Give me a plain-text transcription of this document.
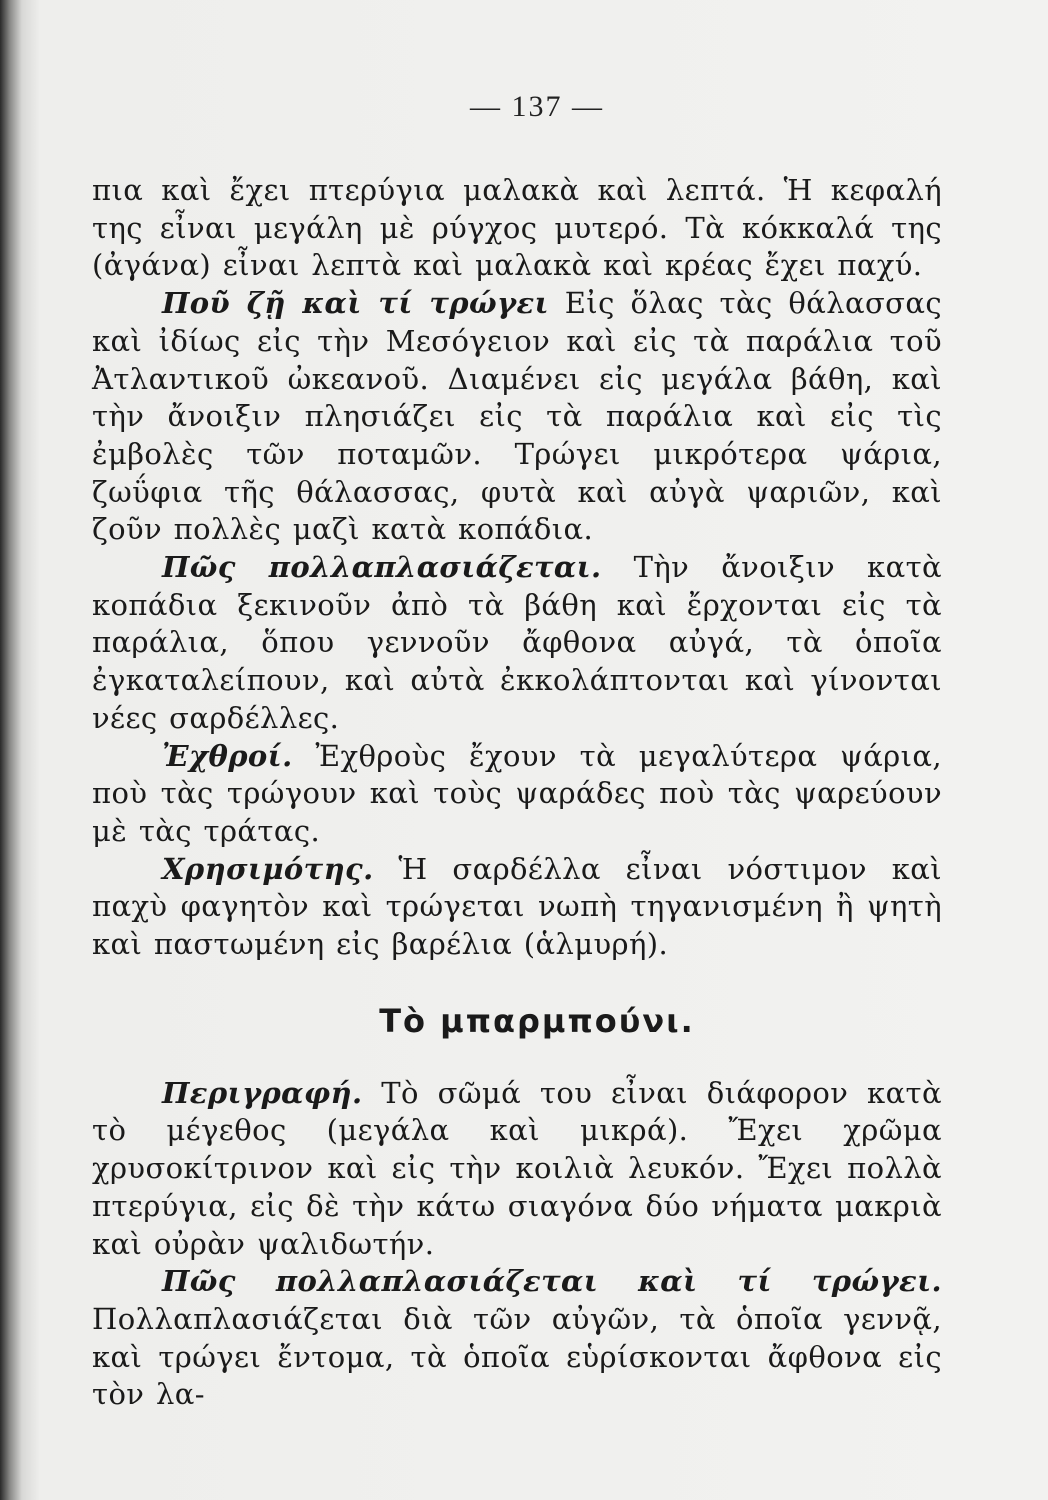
— 137 —

πια καὶ ἔχει πτερύγια μαλακὰ καὶ λεπτά. Ἡ κεφαλή της εἶναι μεγάλη μὲ ρύγχος μυτερό. Τὰ κόκκαλά της (ἀγάνα) εἶναι λεπτὰ καὶ μαλακὰ καὶ κρέας ἔχει παχύ.

Ποῦ ζῇ καὶ τί τρώγει Εἰς ὅλας τὰς θάλασσας καὶ ἰδίως εἰς τὴν Μεσόγειον καὶ εἰς τὰ παράλια τοῦ Ἀτλαντικοῦ ὠκεανοῦ. Διαμένει εἰς μεγάλα βάθη, καὶ τὴν ἄνοιξιν πλησιάζει εἰς τὰ παράλια καὶ εἰς τὶς ἐμβολὲς τῶν ποταμῶν. Τρώγει μικρότερα ψάρια, ζωΰφια τῆς θάλασσας, φυτὰ καὶ αὐγὰ ψαριῶν, καὶ ζοῦν πολλὲς μαζὶ κατὰ κοπάδια.

Πῶς πολλαπλασιάζεται. Τὴν ἄνοιξιν κατὰ κοπάδια ξεκινοῦν ἀπὸ τὰ βάθη καὶ ἔρχονται εἰς τὰ παράλια, ὅπου γεννοῦν ἄφθονα αὐγά, τὰ ὁποῖα ἐγκαταλείπουν, καὶ αὐτὰ ἐκκολάπτονται καὶ γίνονται νέες σαρδέλλες.

Ἐχθροί. Ἐχθροὺς ἔχουν τὰ μεγαλύτερα ψάρια, ποὺ τὰς τρώγουν καὶ τοὺς ψαράδες ποὺ τὰς ψαρεύουν μὲ τὰς τράτας.

Χρησιμότης. Ἡ σαρδέλλα εἶναι νόστιμον καὶ παχὺ φαγητὸν καὶ τρώγεται νωπὴ τηγανισμένη ἢ ψητὴ καὶ παστωμένη εἰς βαρέλια (ἁλμυρή).

Τὸ μπαρμπούνι.

Περιγραφή. Τὸ σῶμά του εἶναι διάφορον κατὰ τὸ μέγεθος (μεγάλα καὶ μικρά). Ἔχει χρῶμα χρυσοκίτρινον καὶ εἰς τὴν κοιλιὰ λευκόν. Ἔχει πολλὰ πτερύγια, εἰς δὲ τὴν κάτω σιαγόνα δύο νήματα μακριὰ καὶ οὐρὰν ψαλιδωτήν.

Πῶς πολλαπλασιάζεται καὶ τί τρώγει. Πολλαπλασιάζεται διὰ τῶν αὐγῶν, τὰ ὁποῖα γεννᾷ, καὶ τρώγει ἔντομα, τὰ ὁποῖα εὑρίσκονται ἄφθονα εἰς τὸν λα-
